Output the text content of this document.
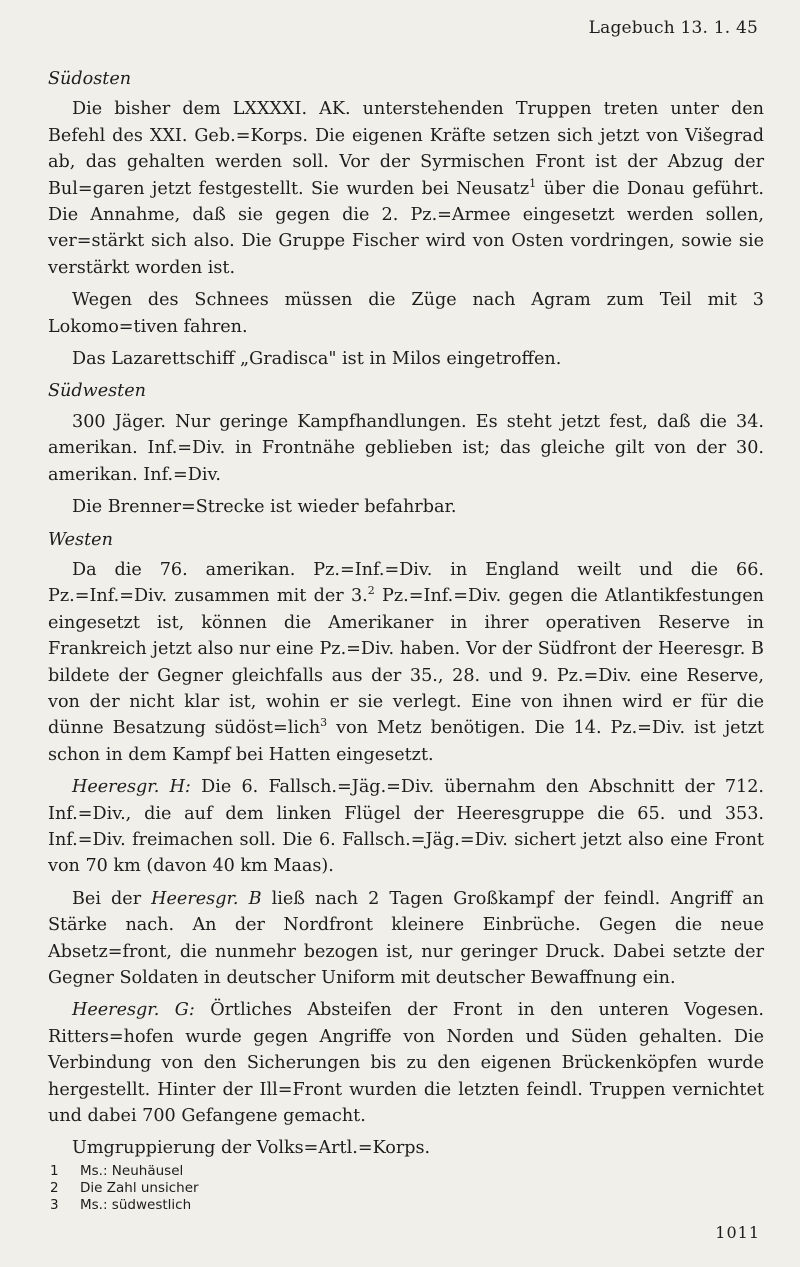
Lagebuch 13. 1. 45
Südosten

Die bisher dem LXXXXI. AK. unterstehenden Truppen treten unter den Befehl des XXI. Geb.=Korps. Die eigenen Kräfte setzen sich jetzt von Višegrad ab, das gehalten werden soll. Vor der Syrmischen Front ist der Abzug der Bul=garen jetzt festgestellt. Sie wurden bei Neusatz$^1$ über die Donau geführt. Die Annahme, daß sie gegen die 2. Pz.=Armee eingesetzt werden sollen, ver=stärkt sich also. Die Gruppe Fischer wird von Osten vordringen, sowie sie verstärkt worden ist.

Wegen des Schnees müssen die Züge nach Agram zum Teil mit 3 Lokomo=tiven fahren.

Das Lazarettschiff „Gradisca" ist in Milos eingetroffen.

Südwesten

300 Jäger. Nur geringe Kampfhandlungen. Es steht jetzt fest, daß die 34. amerikan. Inf.=Div. in Frontnähe geblieben ist; das gleiche gilt von der 30. amerikan. Inf.=Div.

Die Brenner=Strecke ist wieder befahrbar.

Westen

Da die 76. amerikan. Pz.=Inf.=Div. in England weilt und die 66. Pz.=Inf.=Div. zusammen mit der 3.$^2$ Pz.=Inf.=Div. gegen die Atlantikfestungen eingesetzt ist, können die Amerikaner in ihrer operativen Reserve in Frankreich jetzt also nur eine Pz.=Div. haben. Vor der Südfront der Heeresgr. B bildete der Gegner gleichfalls aus der 35., 28. und 9. Pz.=Div. eine Reserve, von der nicht klar ist, wohin er sie verlegt. Eine von ihnen wird er für die dünne Besatzung südöst=lich$^3$ von Metz benötigen. Die 14. Pz.=Div. ist jetzt schon in dem Kampf bei Hatten eingesetzt.

Heeresgr. H: Die 6. Fallsch.=Jäg.=Div. übernahm den Abschnitt der 712. Inf.=Div., die auf dem linken Flügel der Heeresgruppe die 65. und 353. Inf.=Div. freimachen soll. Die 6. Fallsch.=Jäg.=Div. sichert jetzt also eine Front von 70 km (davon 40 km Maas).

Bei der Heeresgr. B ließ nach 2 Tagen Großkampf der feindl. Angriff an Stärke nach. An der Nordfront kleinere Einbrüche. Gegen die neue Absetz=front, die nunmehr bezogen ist, nur geringer Druck. Dabei setzte der Gegner Soldaten in deutscher Uniform mit deutscher Bewaffnung ein.

Heeresgr. G: Örtliches Absteifen der Front in den unteren Vogesen. Ritters=hofen wurde gegen Angriffe von Norden und Süden gehalten. Die Verbindung von den Sicherungen bis zu den eigenen Brückenköpfen wurde hergestellt. Hinter der Ill=Front wurden die letzten feindl. Truppen vernichtet und dabei 700 Gefangene gemacht.

Umgruppierung der Volks=Artl.=Korps.

1	Ms.: Neuhäusel
2	Die Zahl unsicher
3	Ms.: südwestlich
1011
